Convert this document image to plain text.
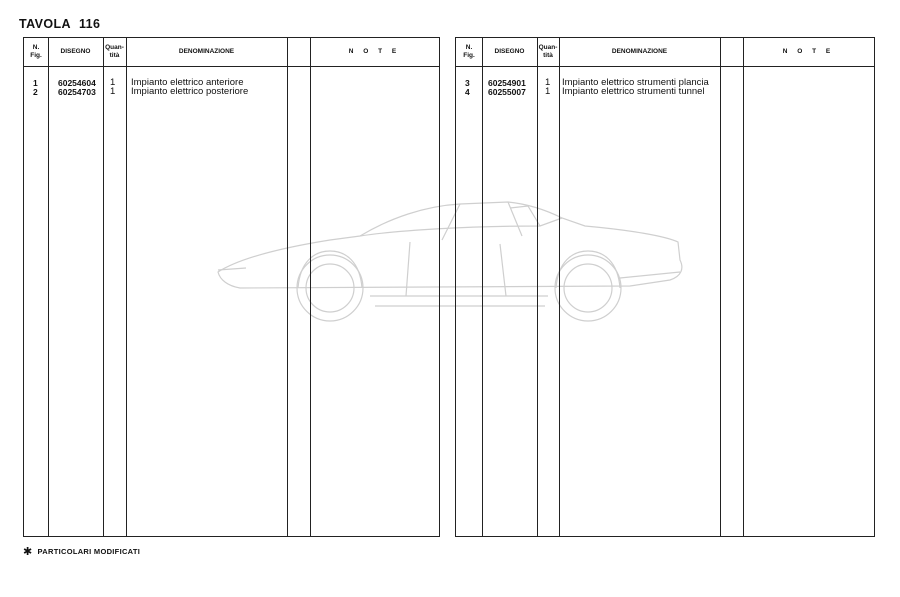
TAVOLA 116
N.
Fig.
DISEGNO
Quan-
tità
DENOMINAZIONE	N O T E
1 60254604 1 Impianto elettrico anteriore
2 60254703 1 Impianto elettrico posteriore
N.
Fig.
DISEGNO
Quan-
tità
DENOMINAZIONE	N O T E
3 60254901 1 Impianto elettrico strumenti plancia
4 60255007 1 Impianto elettrico strumenti tunnel
✱ PARTICOLARI MODIFICATI
